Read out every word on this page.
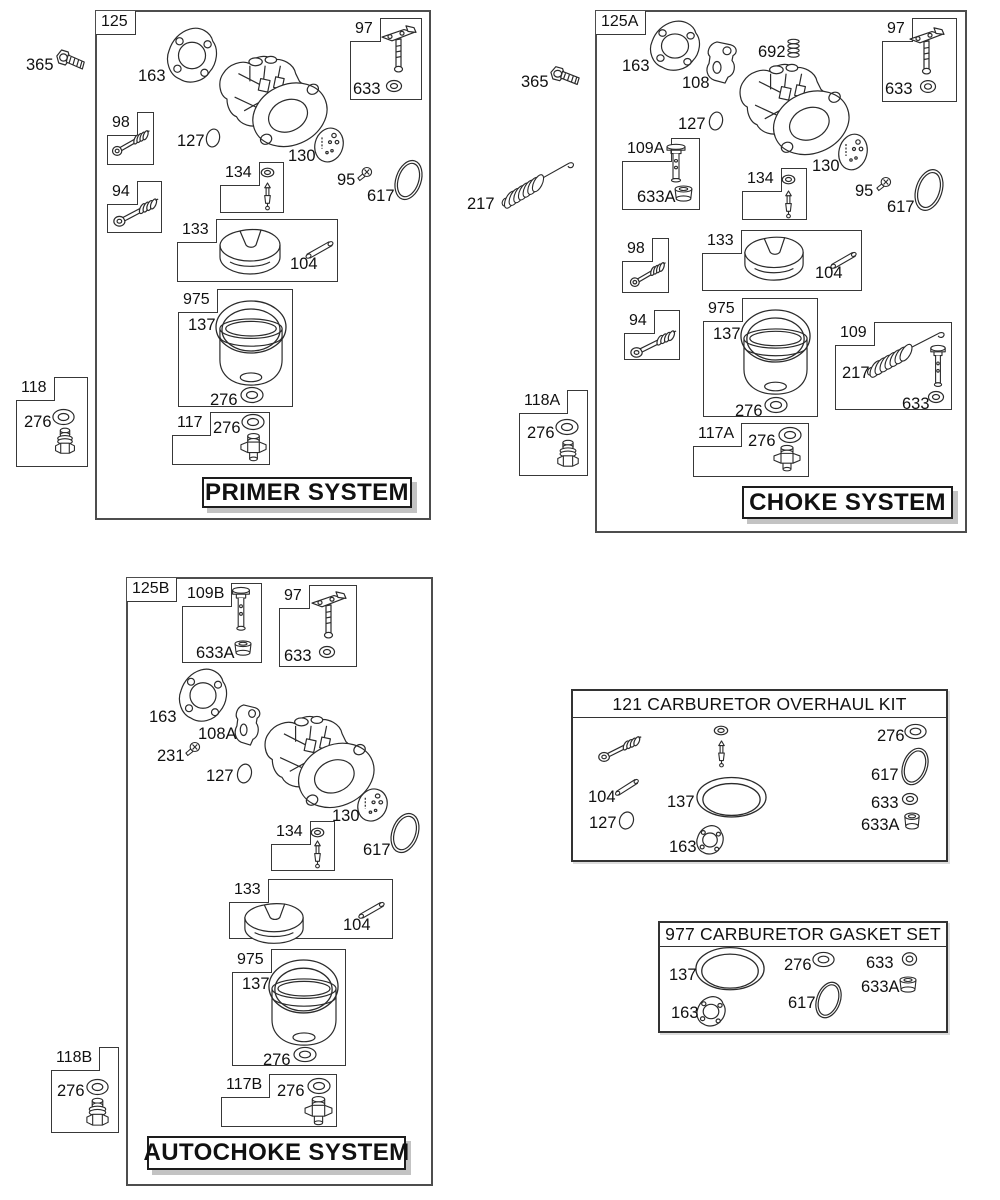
125	97
98
94
134
133
975
117
118
125A	97
109A
134
98	133
94
975
109
118A
117A
125B	109B	97
134
133
975
117B
118B
121 CARBURETOR OVERHAUL KIT
977 CARBURETOR GASKET SET
365
163
633
127
130
95
617
104
137
276
276
276
365
217
163
108
692
633
127
130
633A	95
617
104
137
276
217
633
276	276
633A	633
163
108A
231
127
130
617
104
137
276
276
276
104
127
137
163
276
617
633
633A
137
163
276
617
633
633A
PRIMER SYSTEM	CHOKE SYSTEM
AUTOCHOKE SYSTEM
